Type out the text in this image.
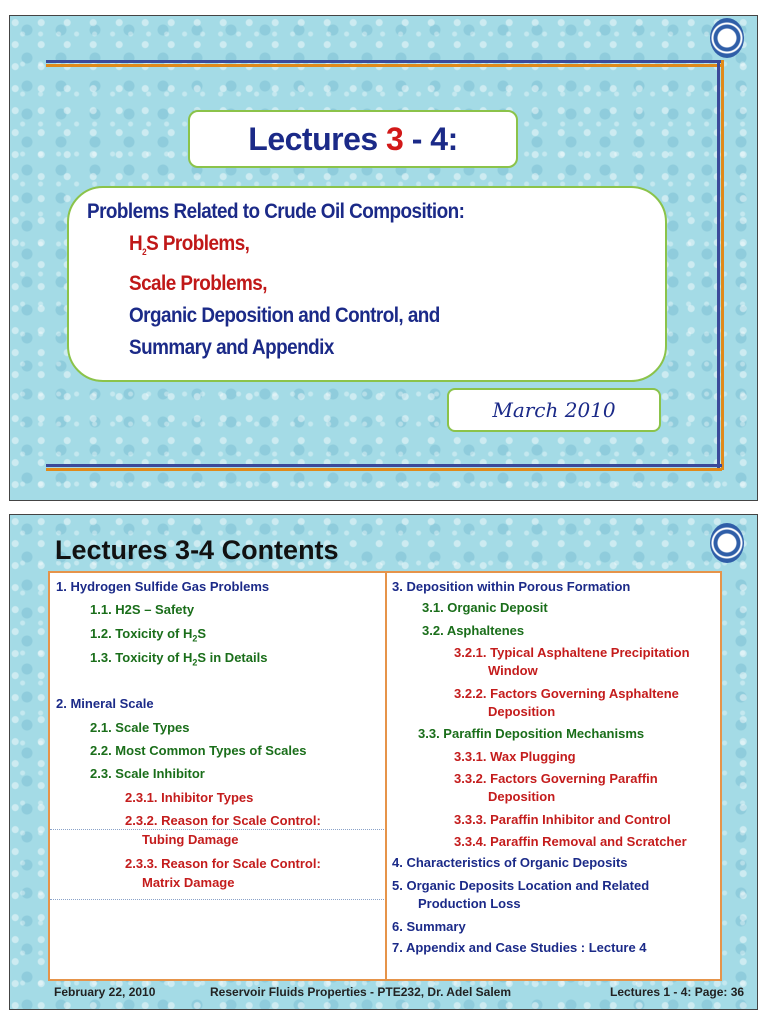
Lectures 3 - 4:
Problems Related to Crude Oil Composition:
$H_2S$ Problems,
Scale Problems,
Organic Deposition and Control, and
Summary and Appendix
March 2010
Lectures 3-4 Contents
1. Hydrogen Sulfide Gas Problems
1.1. H2S – Safety
1.2. Toxicity of $H_2S$
1.3. Toxicity of $H_2S$ in Details
2. Mineral Scale
2.1. Scale Types
2.2. Most Common Types of Scales
2.3. Scale Inhibitor
2.3.1. Inhibitor Types
2.3.2. Reason for Scale Control:
Tubing Damage
2.3.3. Reason for Scale Control:
Matrix Damage
3. Deposition within Porous Formation
3.1. Organic Deposit
3.2. Asphaltenes
3.2.1. Typical Asphaltene Precipitation
Window
3.2.2. Factors Governing Asphaltene
Deposition
3.3. Paraffin Deposition Mechanisms
3.3.1. Wax Plugging
3.3.2. Factors Governing Paraffin
Deposition
3.3.3. Paraffin Inhibitor and Control
3.3.4. Paraffin Removal and Scratcher
4. Characteristics of Organic Deposits
5. Organic Deposits Location and Related
Production Loss
6. Summary
7. Appendix and Case Studies : Lecture 4
February 22, 2010	Reservoir Fluids Properties - PTE232, Dr. Adel Salem	Lectures 1 - 4: Page: 36
